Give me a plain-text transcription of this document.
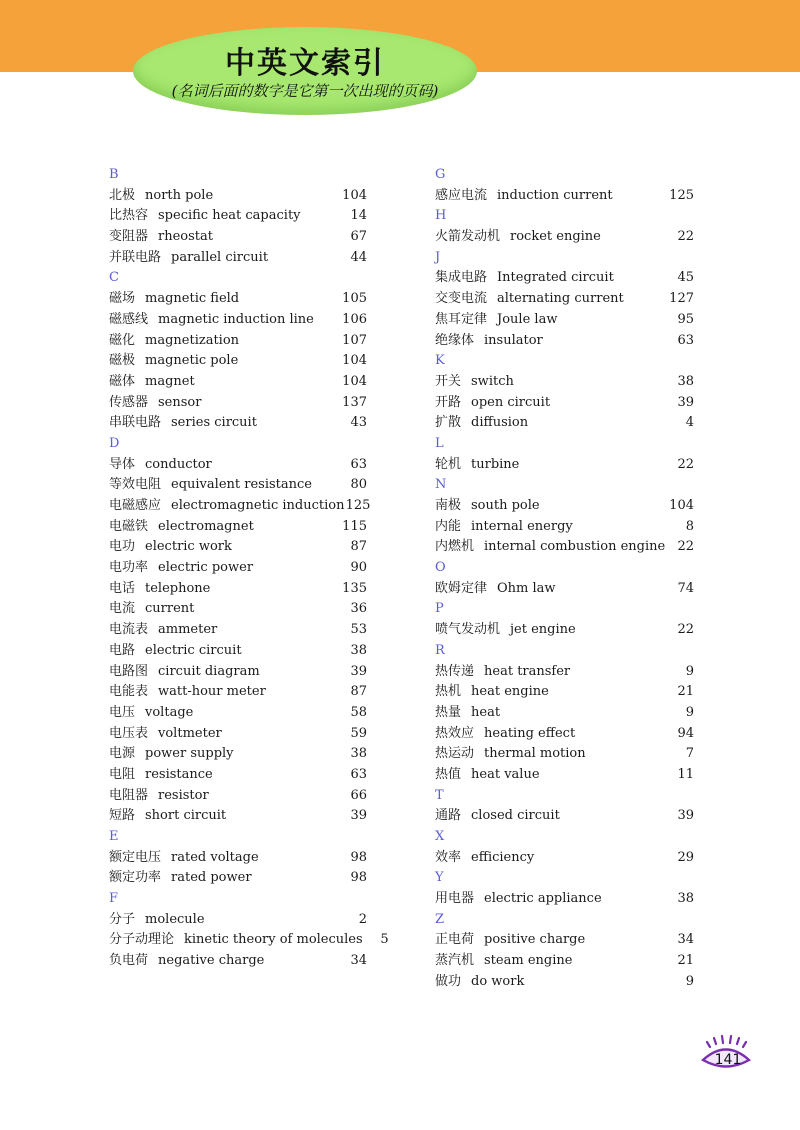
中英文索引
(名词后面的数字是它第一次出现的页码)
B
北极 north pole	104
比热容 specific heat capacity	14
变阻器 rheostat	67
并联电路 parallel circuit	44
C
磁场 magnetic field	105
磁感线 magnetic induction line	106
磁化 magnetization	107
磁极 magnetic pole	104
磁体 magnet	104
传感器 sensor	137
串联电路 series circuit	43
D
导体 conductor	63
等效电阻 equivalent resistance	80
电磁感应 electromagnetic induction 125
电磁铁 electromagnet	115
电功 electric work	87
电功率 electric power	90
电话 telephone	135
电流 current	36
电流表 ammeter	53
电路 electric circuit	38
电路图 circuit diagram	39
电能表 watt-hour meter	87
电压 voltage	58
电压表 voltmeter	59
电源 power supply	38
电阻 resistance	63
电阻器 resistor	66
短路 short circuit	39
E
额定电压 rated voltage	98
额定功率 rated power	98
F
分子 molecule	2
分子动理论 kinetic theory of molecules	5
负电荷 negative charge	34
G
感应电流 induction current	125
H
火箭发动机 rocket engine	22
J
集成电路 Integrated circuit	45
交变电流 alternating current	127
焦耳定律 Joule law	95
绝缘体 insulator	63
K
开关 switch	38
开路 open circuit	39
扩散 diffusion	4
L
轮机 turbine	22
N
南极 south pole	104
内能 internal energy	8
内燃机 internal combustion engine 22
O
欧姆定律 Ohm law	74
P
喷气发动机 jet engine	22
R
热传递 heat transfer	9
热机 heat engine	21
热量 heat	9
热效应 heating effect	94
热运动 thermal motion	7
热值 heat value	11
T
通路 closed circuit	39
X
效率 efficiency	29
Y
用电器 electric appliance	38
Z
正电荷 positive charge	34
蒸汽机 steam engine	21
做功 do work	9
141
